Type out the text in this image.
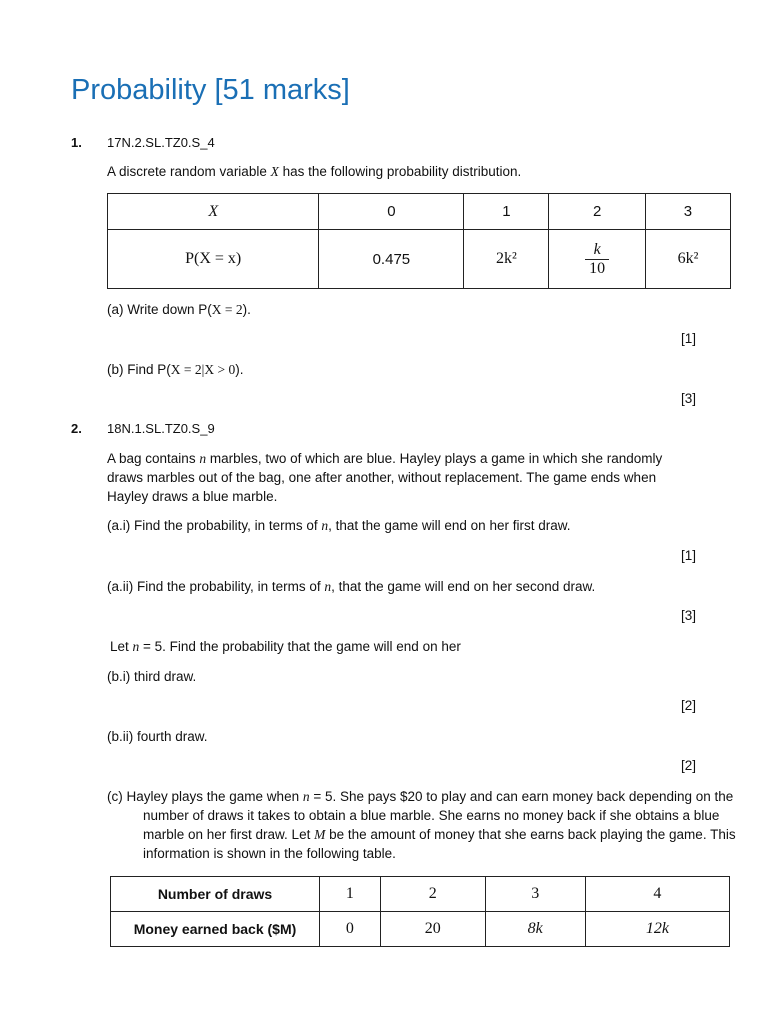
Probability [51 marks]
1. 17N.2.SL.TZ0.S_4
A discrete random variable X has the following probability distribution.
X	0	1	2	3
P(X = x)	0.475	2k²	$\frac{k}{10}$	6k²
(a) Write down P(X = 2).
[1]
(b) Find P(X = 2|X > 0).
[3]
2. 18N.1.SL.TZ0.S_9
A bag contains n marbles, two of which are blue. Hayley plays a game in which she randomly draws marbles out of the bag, one after another, without replacement. The game ends when Hayley draws a blue marble.
(a.i) Find the probability, in terms of n, that the game will end on her first draw.
[1]
(a.ii) Find the probability, in terms of n, that the game will end on her second draw.
[3]
Let n = 5. Find the probability that the game will end on her
(b.i) third draw.
[2]
(b.ii) fourth draw.
[2]
(c) Hayley plays the game when n = 5. She pays $20 to play and can earn money back depending on the number of draws it takes to obtain a blue marble. She earns no money back if she obtains a blue marble on her first draw. Let M be the amount of money that she earns back playing the game. This information is shown in the following table.
Number of draws	1	2	3	4
Money earned back ($M)	0	20	8k	12k
